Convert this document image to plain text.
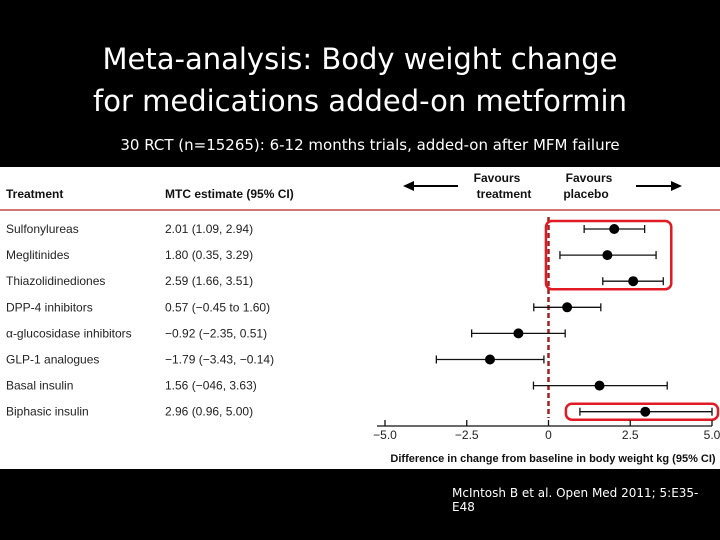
Meta-analysis: Body weight change
for medications added-on metformin
30 RCT (n=15265): 6-12 months trials, added-on after MFM failure
Treatment	MTC estimate (95% CI)
Favours
treatment
Favours
placebo
Sulfonylureas	2.01 (1.09, 2.94)
Meglitinides	1.80 (0.35, 3.29)
Thiazolidinediones	2.59 (1.66, 3.51)
DPP-4 inhibitors	0.57 (−0.45 to 1.60)
α-glucosidase inhibitors	−0.92 (−2.35, 0.51)
GLP-1 analogues	−1.79 (−3.43, −0.14)
Basal insulin	1.56 (−046, 3.63)
Biphasic insulin	2.96 (0.96, 5.00)
−5.0	−2.5	0	2.5	5.0
Difference in change from baseline in body weight kg (95% CI)
McIntosh B et al. Open Med 2011; 5:E35-E48
